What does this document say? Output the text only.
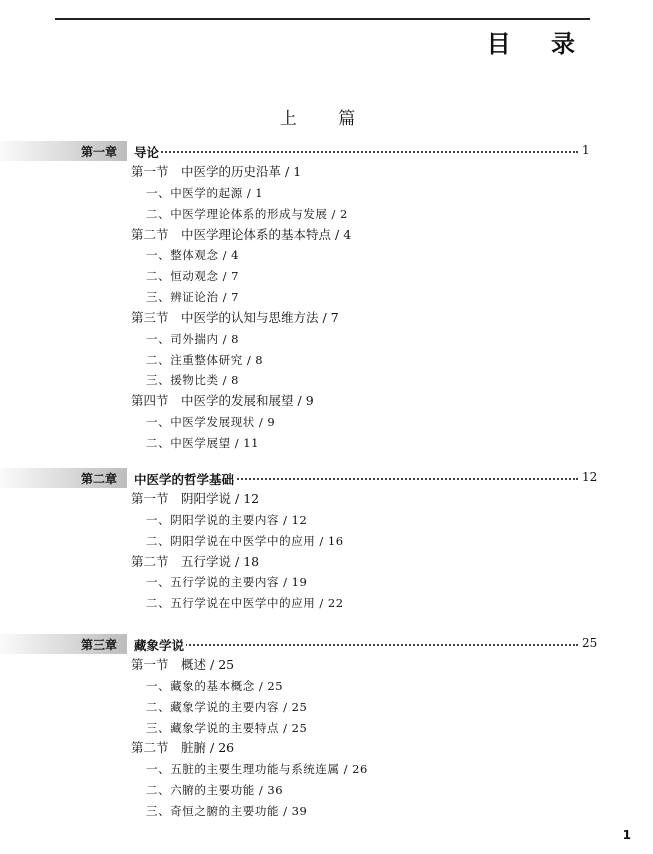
目 录
上 篇
第一章 导论	1
第一节　中医学的历史沿革 / 1
一、中医学的起源 / 1
二、中医学理论体系的形成与发展 / 2
第二节　中医学理论体系的基本特点 / 4
一、整体观念 / 4
二、恒动观念 / 7
三、辨证论治 / 7
第三节　中医学的认知与思维方法 / 7
一、司外揣内 / 8
二、注重整体研究 / 8
三、援物比类 / 8
第四节　中医学的发展和展望 / 9
一、中医学发展现状 / 9
二、中医学展望 / 11
第二章 中医学的哲学基础	12
第一节　阴阳学说 / 12
一、阴阳学说的主要内容 / 12
二、阴阳学说在中医学中的应用 / 16
第二节　五行学说 / 18
一、五行学说的主要内容 / 19
二、五行学说在中医学中的应用 / 22
第三章 藏象学说	25
第一节　概述 / 25
一、藏象的基本概念 / 25
二、藏象学说的主要内容 / 25
三、藏象学说的主要特点 / 25
第二节　脏腑 / 26
一、五脏的主要生理功能与系统连属 / 26
二、六腑的主要功能 / 36
三、奇恒之腑的主要功能 / 39
1
